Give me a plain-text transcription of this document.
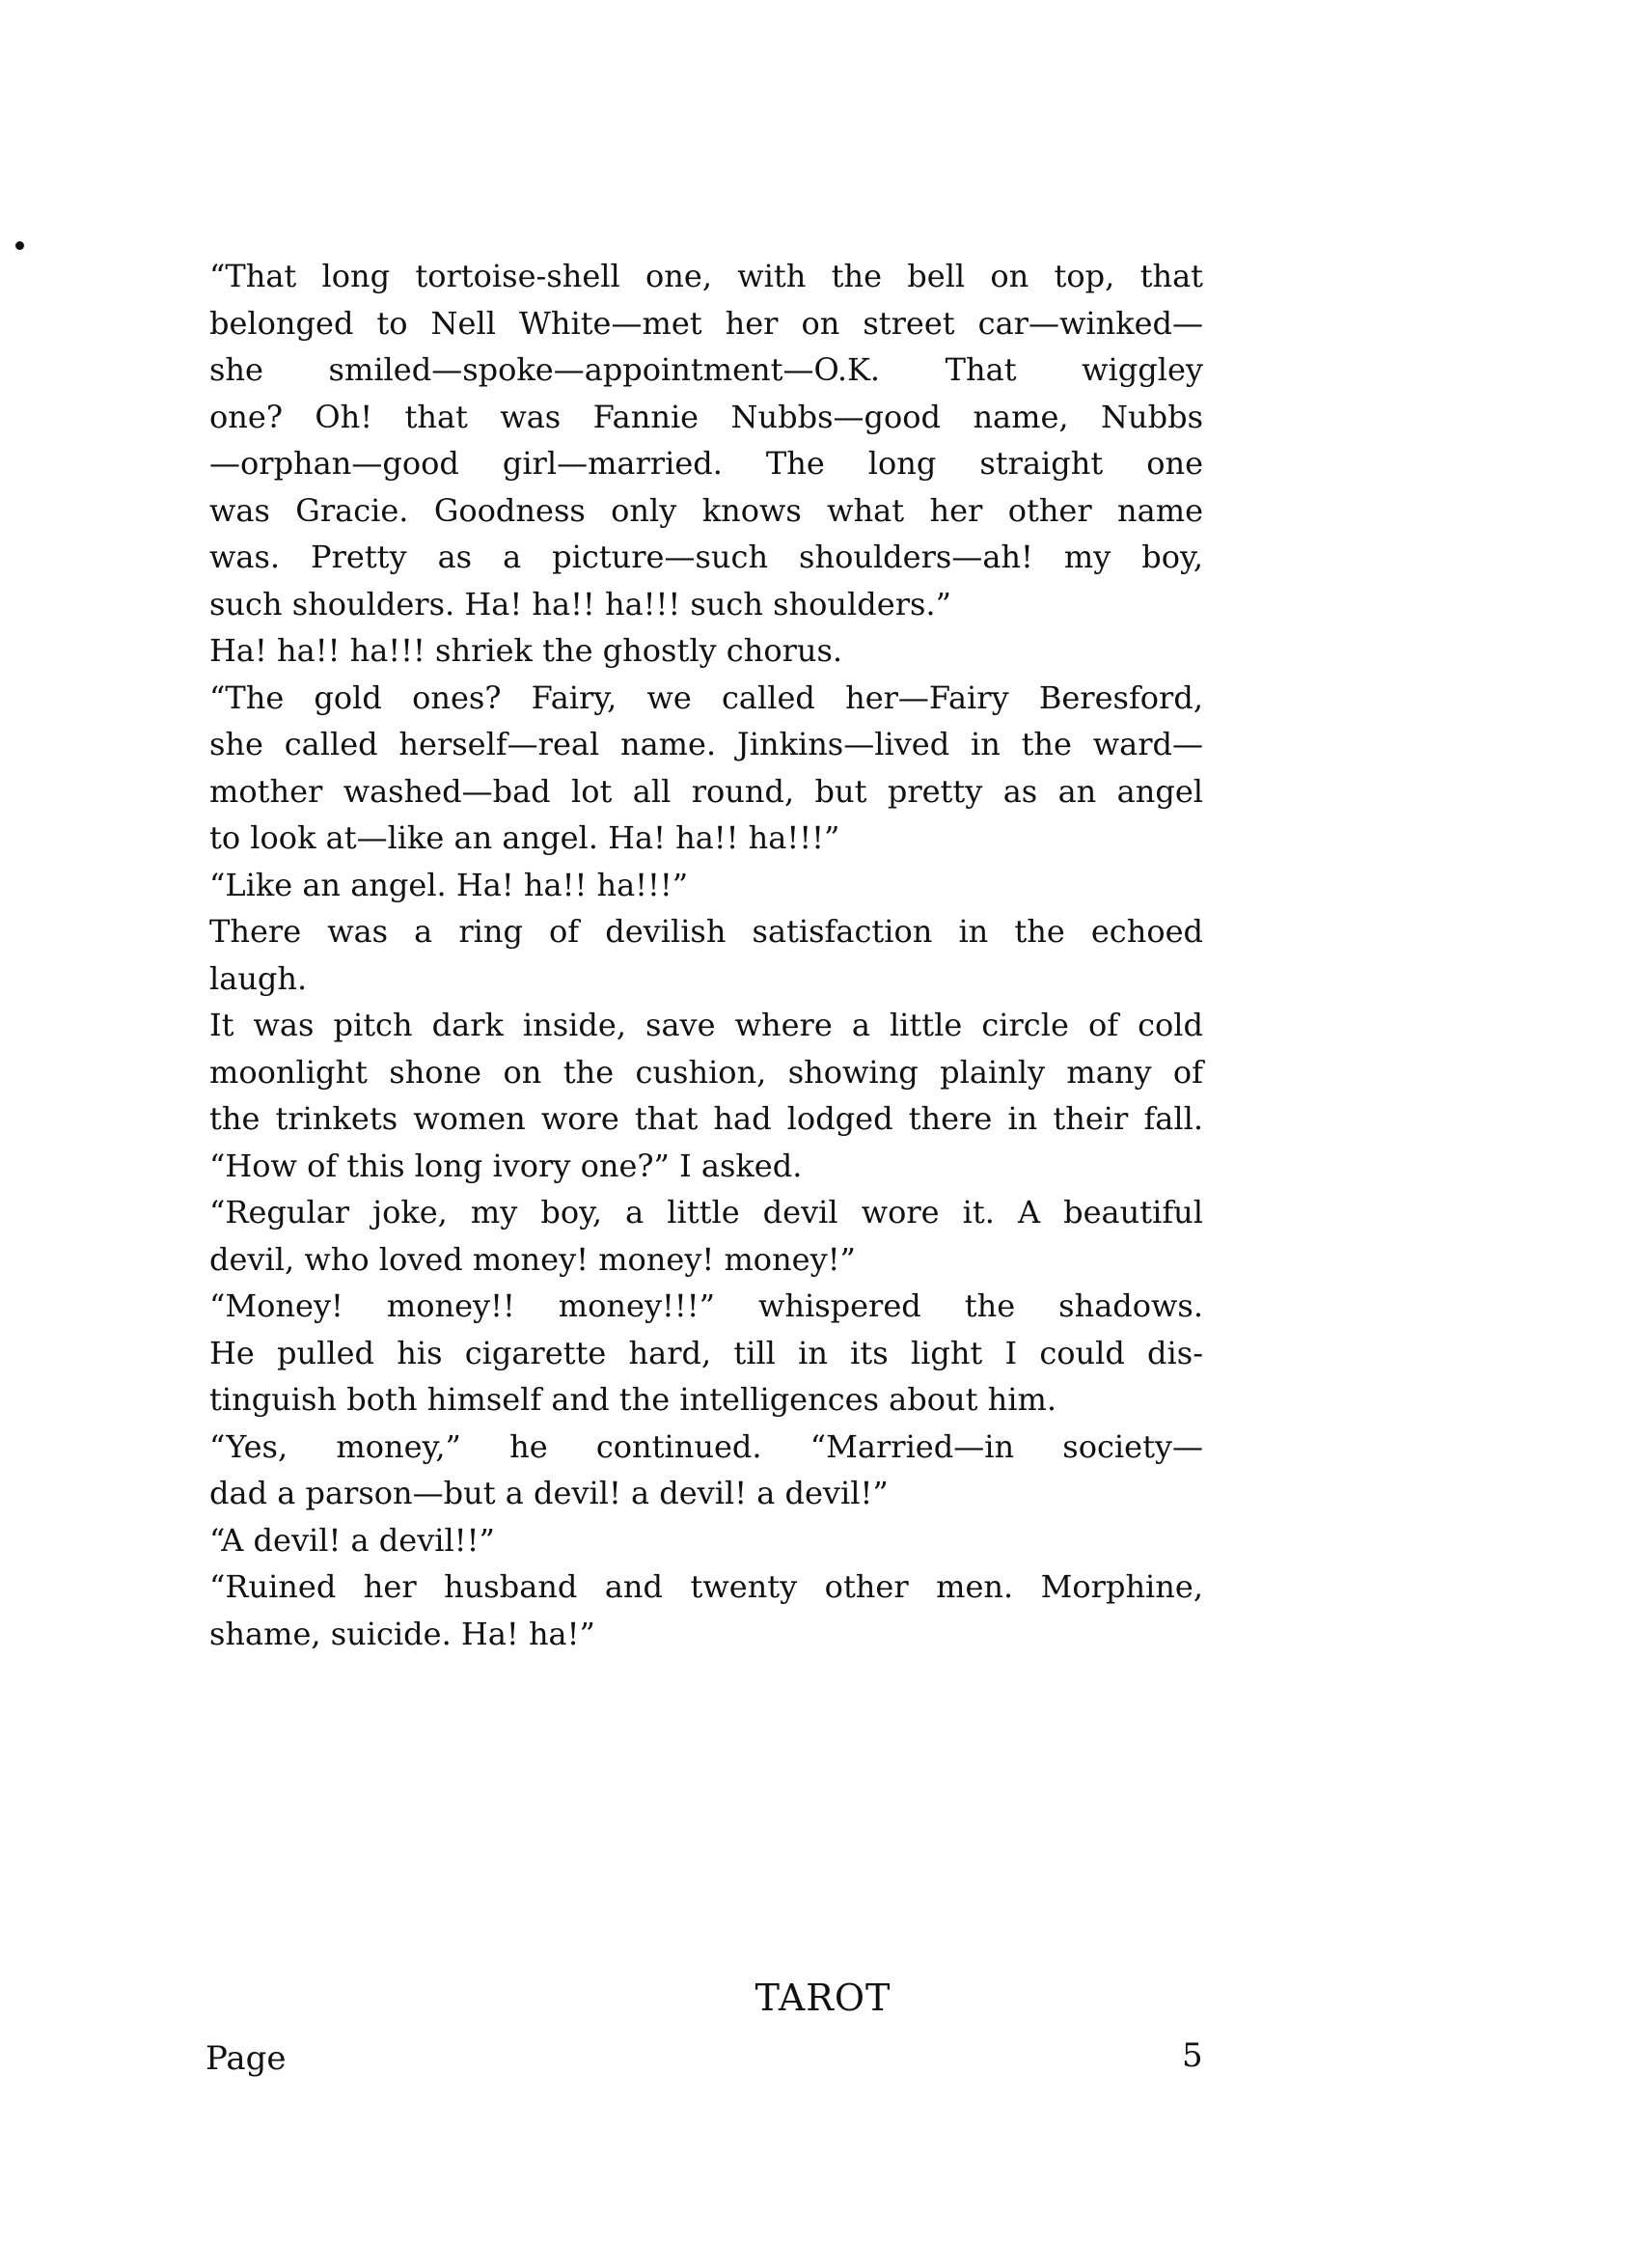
“That long tortoise-shell one, with the bell on top, that
belonged to Nell White—met her on street car—winked—
she smiled—spoke—appointment—O.K. That wiggley
one? Oh! that was Fannie Nubbs—good name, Nubbs
—orphan—good girl—married. The long straight one
was Gracie. Goodness only knows what her other name
was. Pretty as a picture—such shoulders—ah! my boy,
such shoulders. Ha! ha!! ha!!! such shoulders.”
Ha! ha!! ha!!! shriek the ghostly chorus.
“The gold ones? Fairy, we called her—Fairy Beresford,
she called herself—real name. Jinkins—lived in the ward—
mother washed—bad lot all round, but pretty as an angel
to look at—like an angel. Ha! ha!! ha!!!”
“Like an angel. Ha! ha!! ha!!!”
There was a ring of devilish satisfaction in the echoed
laugh.
It was pitch dark inside, save where a little circle of cold
moonlight shone on the cushion, showing plainly many of
the trinkets women wore that had lodged there in their fall.
“How of this long ivory one?” I asked.
“Regular joke, my boy, a little devil wore it. A beautiful
devil, who loved money! money! money!”
“Money! money!! money!!!” whispered the shadows.
He pulled his cigarette hard, till in its light I could dis-
tinguish both himself and the intelligences about him.
“Yes, money,” he continued. “Married—in society—
dad a parson—but a devil! a devil! a devil!”
“A devil! a devil!!”
“Ruined her husband and twenty other men. Morphine,
shame, suicide. Ha! ha!”
TAROT
Page	5
